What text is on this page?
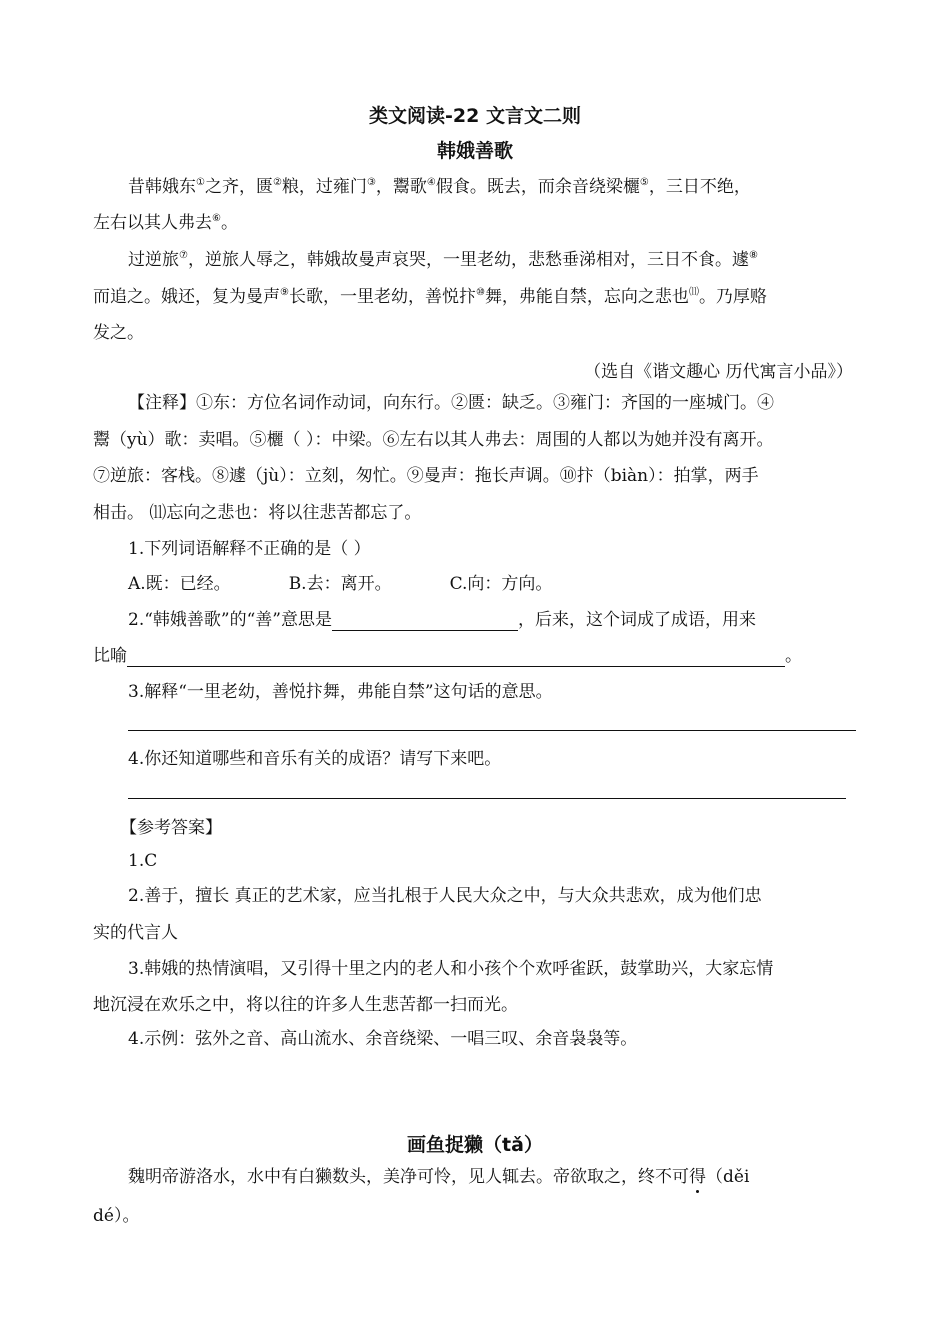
类文阅读-22 文言文二则
韩娥善歌
昔韩娥东①之齐，匮②粮，过雍门③，鬻歌④假食。既去，而余音绕梁欐⑤，三日不绝，
左右以其人弗去⑥。
过逆旅⑦，逆旅人辱之，韩娥故曼声哀哭，一里老幼，悲愁垂涕相对，三日不食。遽⑧
而追之。娥还，复为曼声⑨长歌，一里老幼，善悦抃⑩舞，弗能自禁，忘向之悲也⑾。乃厚赂
发之。
（选自《谐文趣心 历代寓言小品》）
【注释】①东：方位名词作动词，向东行。②匮：缺乏。③雍门：齐国的一座城门。④
鬻（yù）歌：卖唱。⑤欐（ ）：中梁。⑥左右以其人弗去：周围的人都以为她并没有离开。
⑦逆旅：客栈。⑧遽（jù）：立刻，匆忙。⑨曼声：拖长声调。⑩抃（biàn）：拍掌，两手
相击。 ⑾忘向之悲也：将以往悲苦都忘了。
1.下列词语解释不正确的是（ ）
A.既：已经。	B.去：离开。	C.向：方向。
2.“韩娥善歌”的“善”意思是	，后来，这个词成了成语，用来
比喻	。
3.解释“一里老幼，善悦抃舞，弗能自禁”这句话的意思。
4.你还知道哪些和音乐有关的成语？请写下来吧。
【参考答案】
1.C
2.善于，擅长 真正的艺术家，应当扎根于人民大众之中，与大众共悲欢，成为他们忠
实的代言人
3.韩娥的热情演唱，又引得十里之内的老人和小孩个个欢呼雀跃，鼓掌助兴，大家忘情
地沉浸在欢乐之中，将以往的许多人生悲苦都一扫而光。
4.示例：弦外之音、高山流水、余音绕梁、一唱三叹、余音袅袅等。
画鱼捉獭（tǎ）
魏明帝游洛水，水中有白獭数头，美净可怜，见人辄去。帝欲取之，终不可得（děi
dé）。
